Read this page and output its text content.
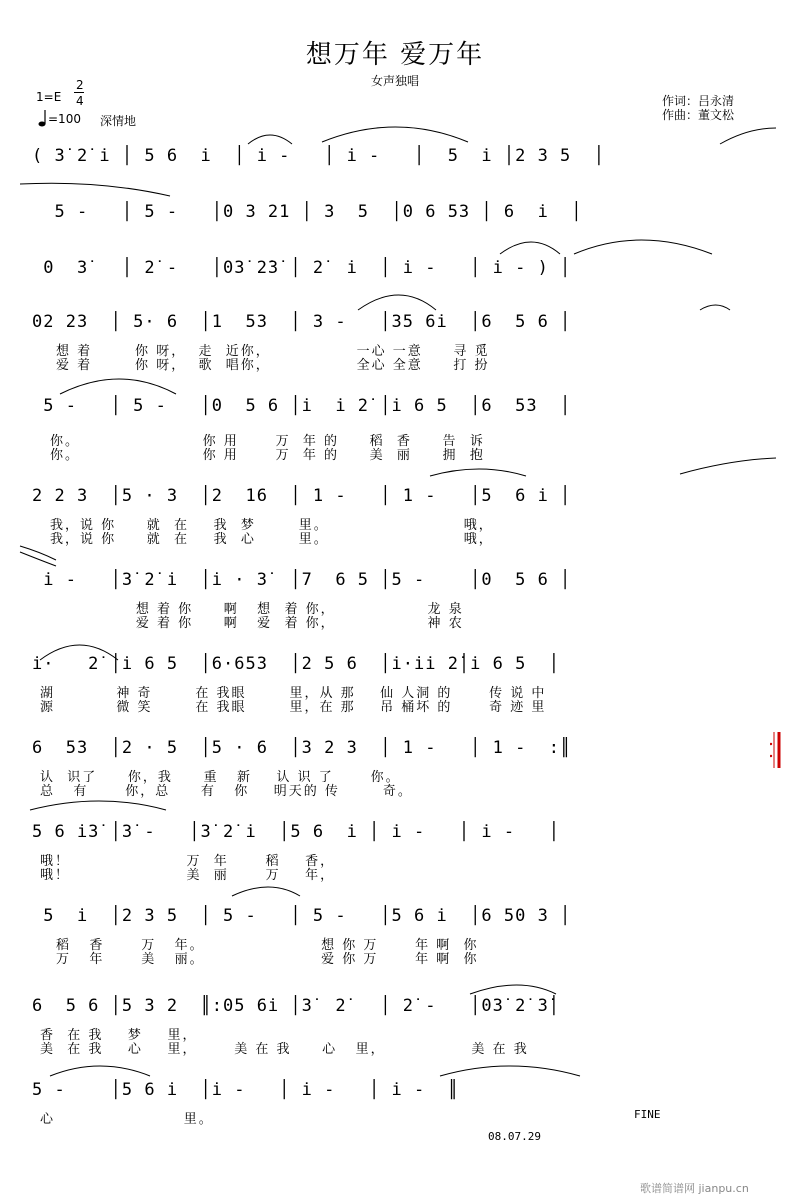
想万年 爱万年
女声独唱
1=E
2
4
=100 深情地
作词：吕永清
作曲：董文松
( 3̇ 2̇ i̇ │ 5 6  i̇  │ i̇ -   │ i̇ -   │  5  i̇ │2 3 5  │
5 -   │ 5 -   │0 3 21 │ 3  5  │0 6 53 │ 6  i̇  │
0  3̇   │ 2̇ -   │03̇ 2̇3̇ │ 2̇  i̇  │ i̇ -   │ i̇ - ) │
02 23  │ 5· 6  │1  53  │ 3 -   │35 6i̇  │6  5 6 │
想 着       你 呀，  走  近你，              一心 一意     寻 觅
爱 着       你 呀，  歌  唱你，              全心 全意     打 扮
5 -   │ 5 -   │0  5 6 │i̇  i̇ 2̇ │i̇ 6 5  │6  53  │
你。                    你 用      万  年 的     稻  香     告  诉
你。                    你 用      万  年 的     美  丽     拥  抱
2 2 3  │5 · 3  │2  16  │ 1 -   │ 1 -   │5  6 i̇ │
我，说 你     就  在    我  梦       里。                      哦，
我，说 你     就  在    我  心       里。                      哦，
i̇ -   │3̇ 2̇ i̇  │i̇ · 3̇  │7  6 5 │5 -    │0  5 6 │
想 着 你     啊   想  着 你，               龙 泉
爱 着 你     啊   爱  着 你，               神 农
i̇·   2̇ │i̇ 6 5  │6·653  │2 5 6  │i̇·i̇i̇ 2̇│i̇ 6 5  │
湖          神 奇       在 我眼       里，从 那    仙 人洞 的      传 说 中
源          微 笑       在 我眼       里，在 那    吊 桶坏 的      奇 迹 里
6  53  │2 · 5  │5 · 6  │3 2 3  │ 1 -   │ 1 -  :║
认  识了     你，我     重   新    认 识 了      你。
总   有      你，总     有   你    明天的 传       奇。
5 6 i̇3̇ │3̇ -   │3̇ 2̇ i̇  │5 6  i̇ │ i̇ -   │ i̇ -   │
哦！                   万  年      稻    香，
哦！                   美  丽      万    年，
5  i̇  │2 3 5  │ 5 -   │ 5 -   │5 6 i̇  │6 50 3 │
稻   香      万   年。                   想 你 万      年 啊  你
万   年      美   丽。                   爱 你 万      年 啊  你
6  5 6 │5 3 2  ║:05 6i̇ │3̇  2̇   │ 2̇ -   │03̇ 2̇ 3̇│
香  在 我    梦    里，
美  在 我    心    里，      美 在 我     心   里，              美 在 我
5 -    │5 6 i̇  │i̇ -   │ i̇ -   │ i̇ -  ║
心                     里。	FINE
08.07.29
歌谱简谱网 jianpu.cn
